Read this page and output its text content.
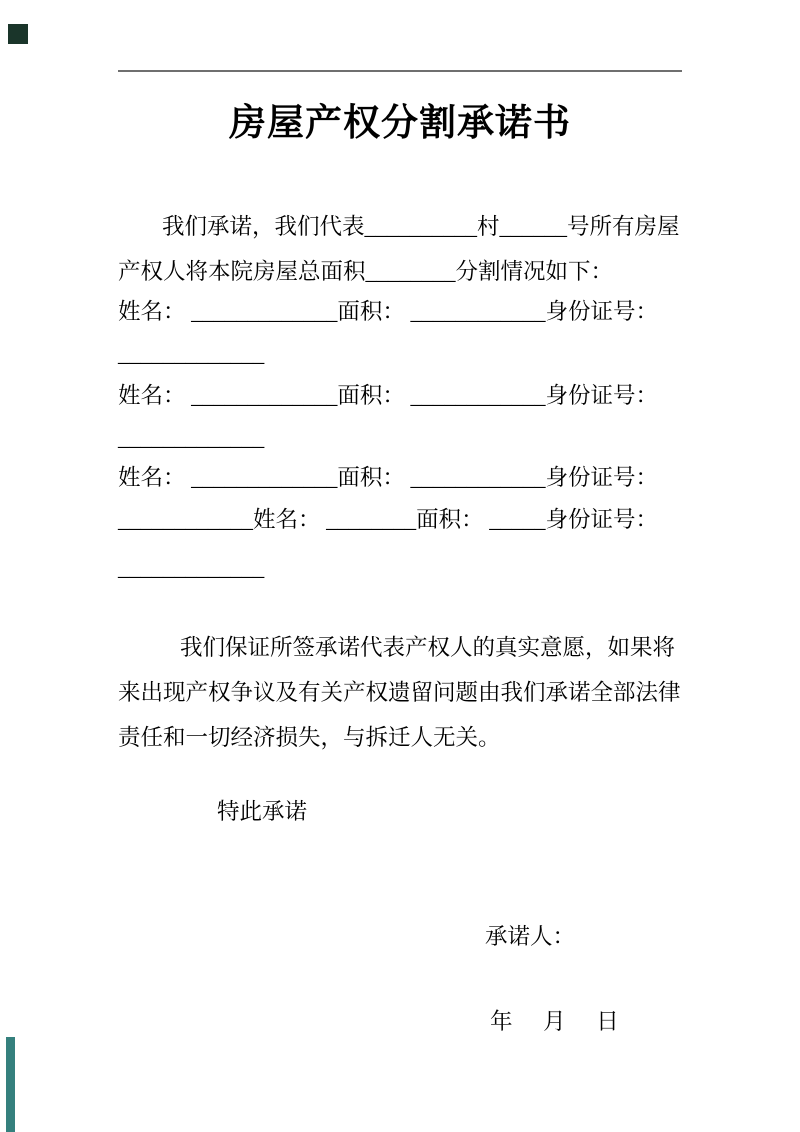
房屋产权分割承诺书
我们承诺，我们代表__________村______号所有房屋
产权人将本院房屋总面积________分割情况如下：
姓名： _____________面积： ____________身份证号：
_____________
姓名： _____________面积： ____________身份证号：
_____________
姓名： _____________面积： ____________身份证号：
____________姓名： ________面积： _____身份证号：
_____________
我们保证所签承诺代表产权人的真实意愿，如果将
来出现产权争议及有关产权遗留问题由我们承诺全部法律
责任和一切经济损失，与拆迁人无关。
特此承诺
承诺人：
年 月 日
